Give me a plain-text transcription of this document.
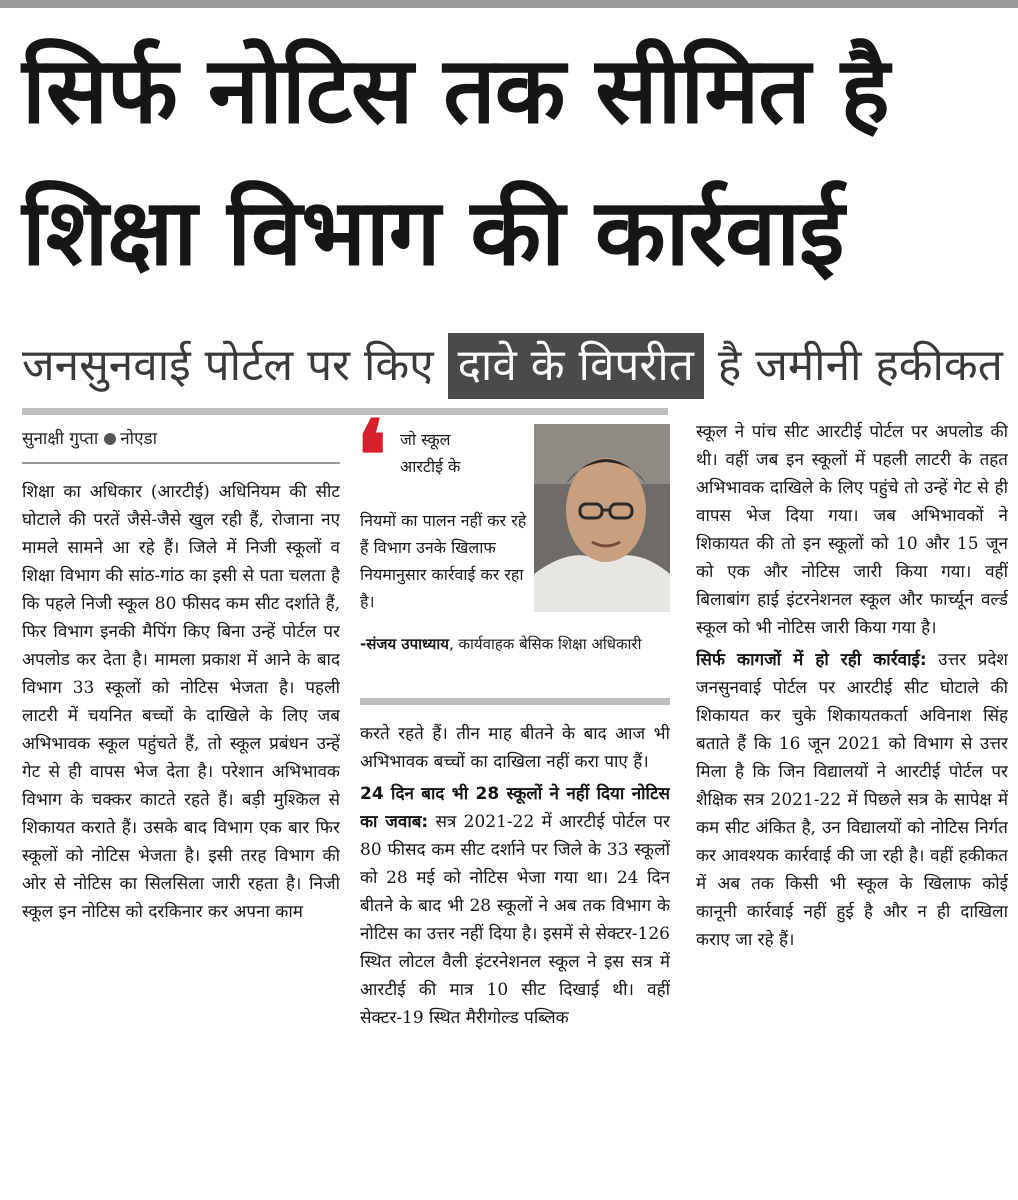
सिर्फ नोटिस तक सीमित है
शिक्षा विभाग की कार्रवाई
जनसुनवाई पोर्टल पर किए दावे के विपरीत है जमीनी हकीकत
सुनाक्षी गुप्ता नोएडा

शिक्षा का अधिकार (आरटीई) अधिनियम की सीट घोटाले की परतें जैसे-जैसे खुल रही हैं, रोजाना नए मामले सामने आ रहे हैं। जिले में निजी स्कूलों व शिक्षा विभाग की सांठ-गांठ का इसी से पता चलता है कि पहले निजी स्कूल 80 फीसद कम सीट दर्शाते हैं, फिर विभाग इनकी मैपिंग किए बिना उन्हें पोर्टल पर अपलोड कर देता है। मामला प्रकाश में आने के बाद विभाग 33 स्कूलों को नोटिस भेजता है। पहली लाटरी में चयनित बच्चों के दाखिले के लिए जब अभिभावक स्कूल पहुंचते हैं, तो स्कूल प्रबंधन उन्हें गेट से ही वापस भेज देता है। परेशान अभिभावक विभाग के चक्कर काटते रहते हैं। बड़ी मुश्किल से शिकायत कराते हैं। उसके बाद विभाग एक बार फिर स्कूलों को नोटिस भेजता है। इसी तरह विभाग की ओर से नोटिस का सिलसिला जारी रहता है। निजी स्कूल इन नोटिस को दरकिनार कर अपना काम

❛ जो स्कूल
आरटीई के
नियमों का पालन नहीं कर रहे हैं विभाग उनके खिलाफ नियमानुसार कार्रवाई कर रहा है।
-संजय उपाध्याय, कार्यवाहक बेसिक शिक्षा अधिकारी

करते रहते हैं। तीन माह बीतने के बाद आज भी अभिभावक बच्चों का दाखिला नहीं करा पाए हैं।

24 दिन बाद भी 28 स्कूलों ने नहीं दिया नोटिस का जवाब: सत्र 2021-22 में आरटीई पोर्टल पर 80 फीसद कम सीट दर्शाने पर जिले के 33 स्कूलों को 28 मई को नोटिस भेजा गया था। 24 दिन बीतने के बाद भी 28 स्कूलों ने अब तक विभाग के नोटिस का उत्तर नहीं दिया है। इसमें से सेक्टर-126 स्थित लोटल वैली इंटरनेशनल स्कूल ने इस सत्र में आरटीई की मात्र 10 सीट दिखाई थी। वहीं सेक्टर-19 स्थित मैरीगोल्ड पब्लिक

स्कूल ने पांच सीट आरटीई पोर्टल पर अपलोड की थी। वहीं जब इन स्कूलों में पहली लाटरी के तहत अभिभावक दाखिले के लिए पहुंचे तो उन्हें गेट से ही वापस भेज दिया गया। जब अभिभावकों ने शिकायत की तो इन स्कूलों को 10 और 15 जून को एक और नोटिस जारी किया गया। वहीं बिलाबांग हाई इंटरनेशनल स्कूल और फार्च्यून वर्ल्ड स्कूल को भी नोटिस जारी किया गया है।

सिर्फ कागजों में हो रही कार्रवाई: उत्तर प्रदेश जनसुनवाई पोर्टल पर आरटीई सीट घोटाले की शिकायत कर चुके शिकायतकर्ता अविनाश सिंह बताते हैं कि 16 जून 2021 को विभाग से उत्तर मिला है कि जिन विद्यालयों ने आरटीई पोर्टल पर शैक्षिक सत्र 2021-22 में पिछले सत्र के सापेक्ष में कम सीट अंकित है, उन विद्यालयों को नोटिस निर्गत कर आवश्यक कार्रवाई की जा रही है। वहीं हकीकत में अब तक किसी भी स्कूल के खिलाफ कोई कानूनी कार्रवाई नहीं हुई है और न ही दाखिला कराए जा रहे हैं।
